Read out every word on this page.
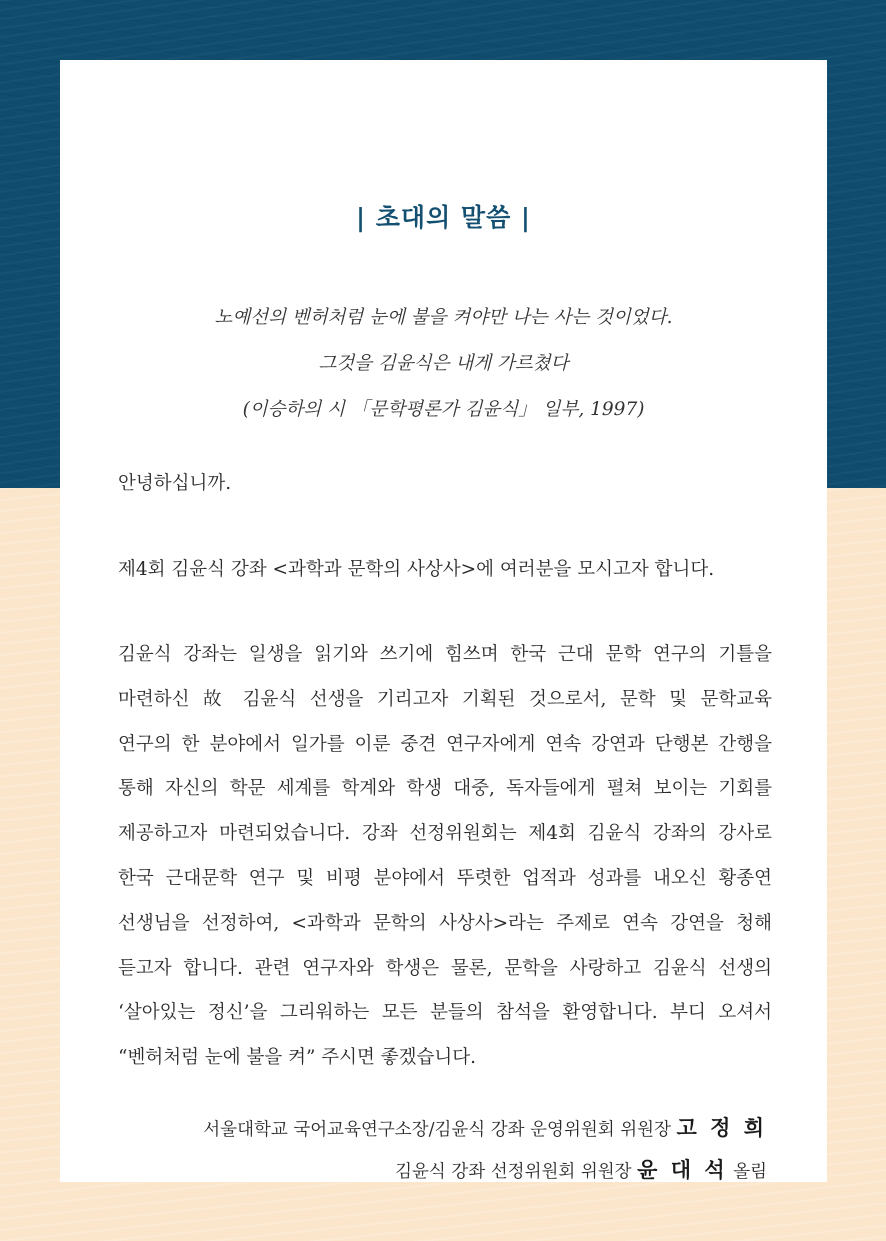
| 초대의 말씀 |
노예선의 벤허처럼 눈에 불을 켜야만 나는 사는 것이었다.
그것을 김윤식은 내게 가르쳤다
(이승하의 시 「문학평론가 김윤식」 일부, 1997)
안녕하십니까.
제4회 김윤식 강좌 <과학과 문학의 사상사>에 여러분을 모시고자 합니다.
김윤식 강좌는 일생을 읽기와 쓰기에 힘쓰며 한국 근대 문학 연구의 기틀을
마련하신 故 김윤식 선생을 기리고자 기획된 것으로서, 문학 및 문학교육
연구의 한 분야에서 일가를 이룬 중견 연구자에게 연속 강연과 단행본 간행을
통해 자신의 학문 세계를 학계와 학생 대중, 독자들에게 펼쳐 보이는 기회를
제공하고자 마련되었습니다. 강좌 선정위원회는 제4회 김윤식 강좌의 강사로
한국 근대문학 연구 및 비평 분야에서 뚜렷한 업적과 성과를 내오신 황종연
선생님을 선정하여, <과학과 문학의 사상사>라는 주제로 연속 강연을 청해
듣고자 합니다. 관련 연구자와 학생은 물론, 문학을 사랑하고 김윤식 선생의
‘살아있는 정신’을 그리워하는 모든 분들의 참석을 환영합니다. 부디 오셔서
“벤허처럼 눈에 불을 켜” 주시면 좋겠습니다.
서울대학교 국어교육연구소장/김윤식 강좌 운영위원회 위원장 고 정 희
김윤식 강좌 선정위원회 위원장 윤 대 석 올림
